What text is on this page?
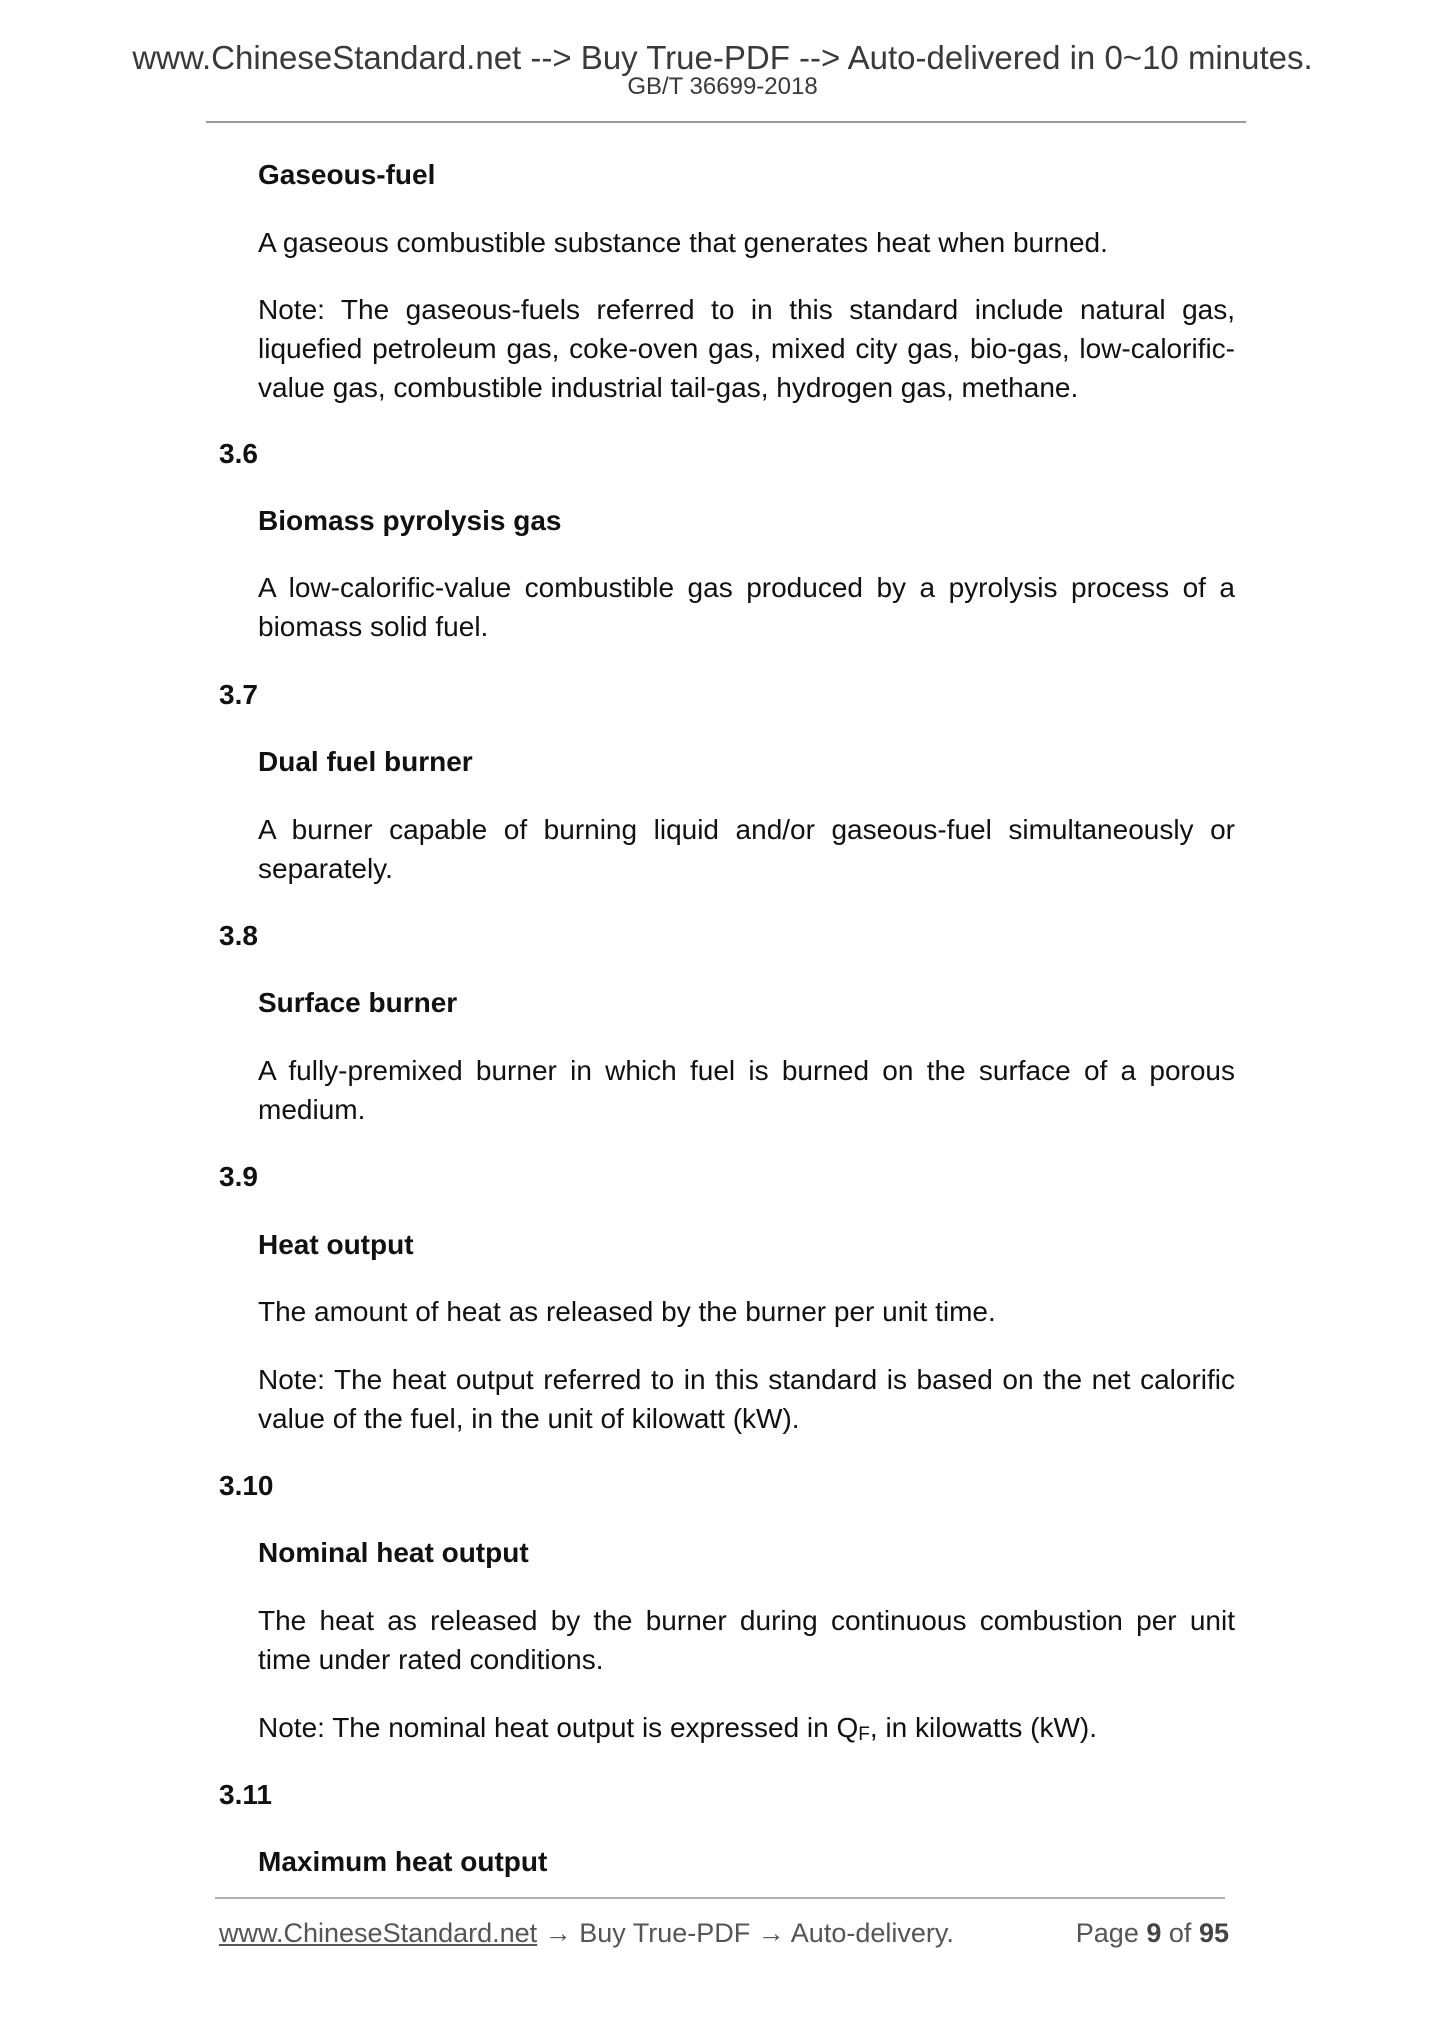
www.ChineseStandard.net --> Buy True-PDF --> Auto-delivered in 0~10 minutes.
GB/T 36699-2018

Gaseous-fuel

A gaseous combustible substance that generates heat when burned.

Note: The gaseous-fuels referred to in this standard include natural gas, liquefied petroleum gas, coke-oven gas, mixed city gas, bio-gas, low-calorific-value gas, combustible industrial tail-gas, hydrogen gas, methane.

3.6

Biomass pyrolysis gas

A low-calorific-value combustible gas produced by a pyrolysis process of a biomass solid fuel.

3.7

Dual fuel burner

A burner capable of burning liquid and/or gaseous-fuel simultaneously or separately.

3.8

Surface burner

A fully-premixed burner in which fuel is burned on the surface of a porous medium.

3.9

Heat output

The amount of heat as released by the burner per unit time.

Note: The heat output referred to in this standard is based on the net calorific value of the fuel, in the unit of kilowatt (kW).

3.10

Nominal heat output

The heat as released by the burner during continuous combustion per unit time under rated conditions.

Note: The nominal heat output is expressed in QF, in kilowatts (kW).

3.11

Maximum heat output

www.ChineseStandard.net → Buy True-PDF → Auto-delivery.	Page 9 of 95
